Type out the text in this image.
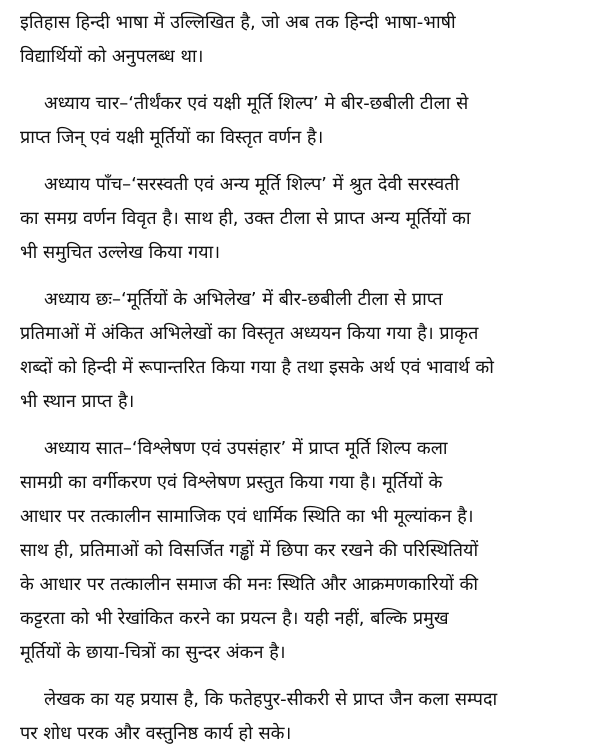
इतिहास हिन्दी भाषा में उल्लिखित है, जो अब तक हिन्दी भाषा-भाषी
विद्यार्थियों को अनुपलब्ध था।
अध्याय चार–‘तीर्थंकर एवं यक्षी मूर्ति शिल्प’ मे बीर-छबीली टीला से
प्राप्त जिन् एवं यक्षी मूर्तियों का विस्तृत वर्णन है।
अध्याय पाँच–‘सरस्वती एवं अन्य मूर्ति शिल्प’ में श्रुत देवी सरस्वती
का समग्र वर्णन विवृत है। साथ ही, उक्त टीला से प्राप्त अन्य मूर्तियों का
भी समुचित उल्लेख किया गया।
अध्याय छः–‘मूर्तियों के अभिलेख’ में बीर-छबीली टीला से प्राप्त
प्रतिमाओं में अंकित अभिलेखों का विस्तृत अध्ययन किया गया है। प्राकृत
शब्दों को हिन्दी में रूपान्तरित किया गया है तथा इसके अर्थ एवं भावार्थ को
भी स्थान प्राप्त है।
अध्याय सात–‘विश्लेषण एवं उपसंहार’ में प्राप्त मूर्ति शिल्प कला
सामग्री का वर्गीकरण एवं विश्लेषण प्रस्तुत किया गया है। मूर्तियों के
आधार पर तत्कालीन सामाजिक एवं धार्मिक स्थिति का भी मूल्यांकन है।
साथ ही, प्रतिमाओं को विसर्जित गड्ढों में छिपा कर रखने की परिस्थितियों
के आधार पर तत्कालीन समाज की मनः स्थिति और आक्रमणकारियों की
कट्टरता को भी रेखांकित करने का प्रयत्न है। यही नहीं, बल्कि प्रमुख
मूर्तियों के छाया-चित्रों का सुन्दर अंकन है।
लेखक का यह प्रयास है, कि फतेहपुर-सीकरी से प्राप्त जैन कला सम्पदा
पर शोध परक और वस्तुनिष्ठ कार्य हो सके।
